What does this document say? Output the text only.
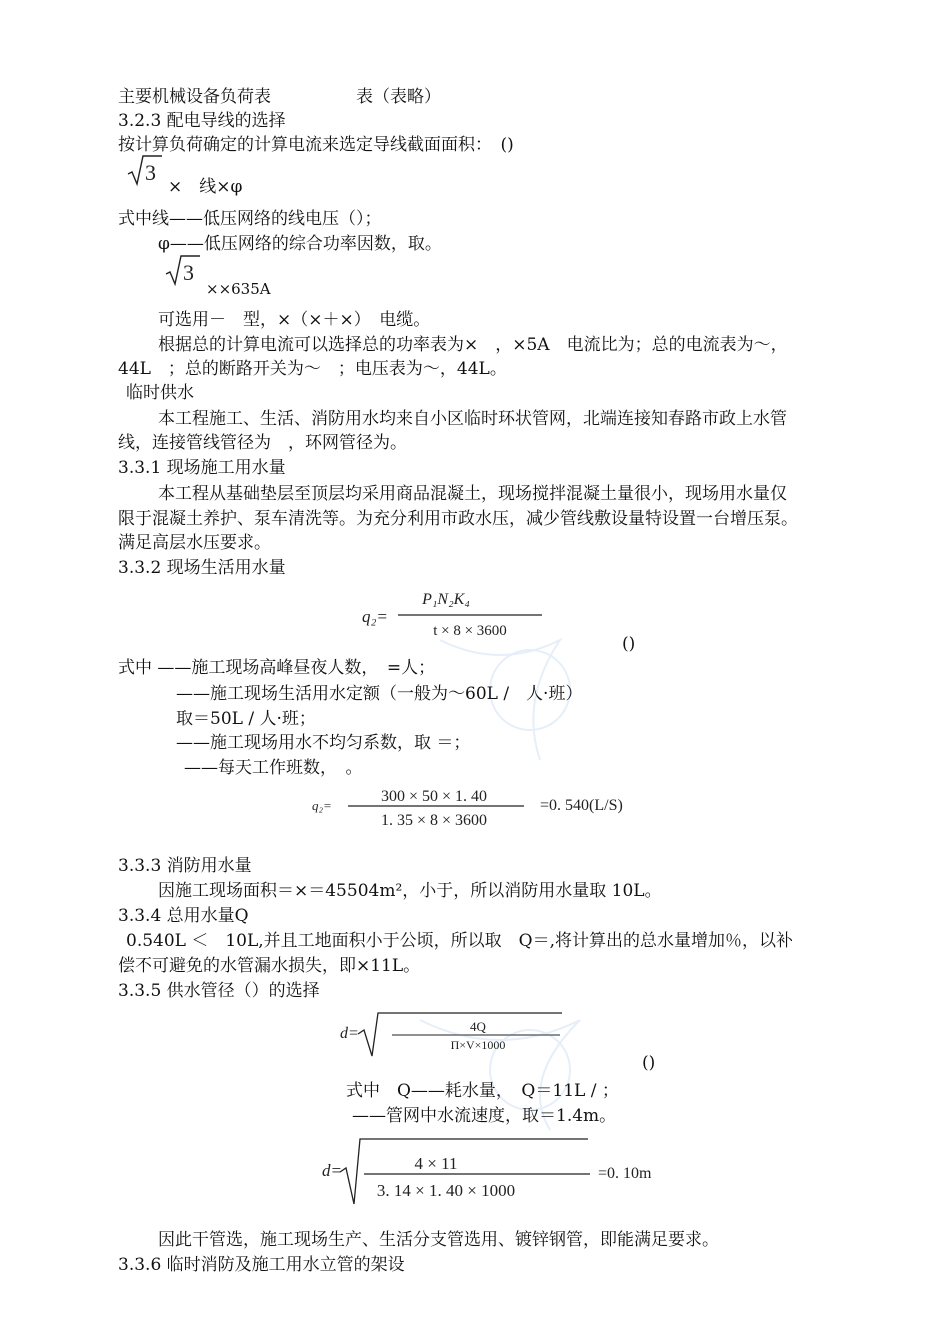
主要机械设备负荷表	表（表略）
3.2.3 配电导线的选择
按计算负荷确定的计算电流来选定导线截面面积：　()
3
×　线×φ
式中线——低压网络的线电压（）；
φ——低压网络的综合功率因数，取。
3
××635A
可选用－　型，×（×＋×）　电缆。
根据总的计算电流可以选择总的功率表为×　，×5A　电流比为；总的电流表为～，
44L　；总的断路开关为～　；电压表为～，44L。
临时供水
本工程施工、生活、消防用水均来自小区临时环状管网，北端连接知春路市政上水管
线，连接管线管径为　，环网管径为。
3.3.1 现场施工用水量
本工程从基础垫层至顶层均采用商品混凝土，现场搅拌混凝土量很小，现场用水量仅
限于混凝土养护、泵车清洗等。为充分利用市政水压，减少管线敷设量特设置一台增压泵。
满足高层水压要求。
3.3.2 现场生活用水量
q₂=
P₁N₂K₄
t × 8 × 3600
()
式中 ——施工现场高峰昼夜人数，　=人；
——施工现场生活用水定额（一般为～60L /　人·班）
取＝50L / 人·班；
——施工现场用水不均匀系数，取 ＝；
——每天工作班数，　。
q₂=
300 × 50 × 1. 40
1. 35 × 8 × 3600
=0. 540(L/S)
3.3.3 消防用水量
因施工现场面积＝×＝45504m²，小于，所以消防用水量取 10L。
3.3.4 总用水量Q
0.540L ＜　10L,并且工地面积小于公顷，所以取　Q＝,将计算出的总水量增加％，以补
偿不可避免的水管漏水损失，即×11L。
3.3.5 供水管径（）的选择
d=	4Q
Π×V×1000
()
式中　Q——耗水量，　Q＝11L / ；
——管网中水流速度，取＝1.4m。
d=	4 × 11
3. 14 × 1. 40 × 1000
=0. 10m
因此干管选，施工现场生产、生活分支管选用、镀锌钢管，即能满足要求。
3.3.6 临时消防及施工用水立管的架设
